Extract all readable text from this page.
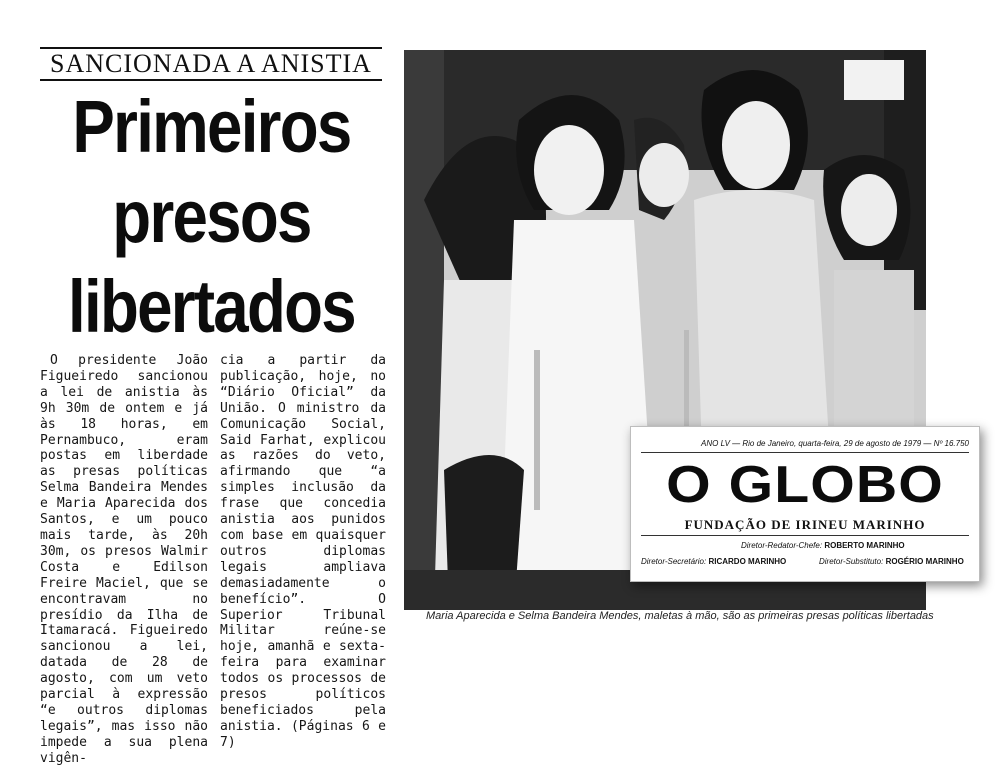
SANCIONADA A ANISTIA
Primeiros
presos
libertados
O presidente João Figueiredo sancionou a lei de anistia às 9h 30m de ontem e já às 18 horas, em Pernambuco, eram postas em liberdade as presas políticas Selma Bandeira Mendes e Maria Aparecida dos Santos, e um pouco mais tarde, às 20h 30m, os presos Walmir Costa e Edilson Freire Maciel, que se encontravam no presídio da Ilha de Itamaracá. Figueiredo sancionou a lei, datada de 28 de agosto, com um veto parcial à expressão “e outros diplomas legais”, mas isso não impede a sua plena vigên-
cia a partir da publicação, hoje, no “Diário Oficial” da União. O ministro da Comunicação Social, Said Farhat, explicou as razões do veto, afirmando que “a simples inclusão da frase que concedia anistia aos punidos com base em quaisquer outros diplomas legais ampliava demasiadamente o benefício”. O Superior Tribunal Militar reúne-se hoje, amanhã e sexta-feira para examinar todos os processos de presos políticos beneficiados pela anistia. (Páginas 6 e 7)
Maria Aparecida e Selma Bandeira Mendes, maletas à mão, são as primeiras presas políticas libertadas
ANO LV — Rio de Janeiro, quarta-feira, 29 de agosto de 1979 — Nº 16.750
O GLOBO
FUNDAÇÃO DE IRINEU MARINHO
Diretor-Redator-Chefe: ROBERTO MARINHO
Diretor-Secretário: RICARDO MARINHO	Diretor-Substituto: ROGÉRIO MARINHO
